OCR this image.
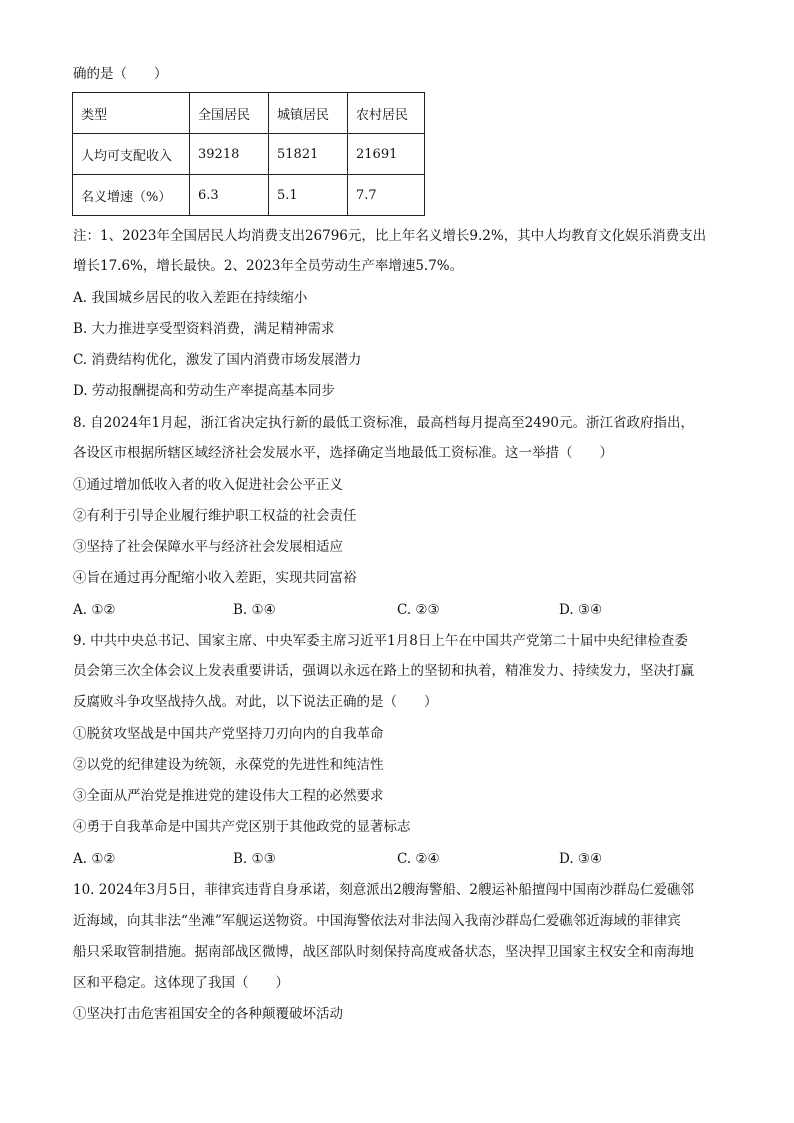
确的是（　　）
类型	全国居民	城镇居民	农村居民
人均可支配收入	39218	51821	21691
名义增速（%）	6.3	5.1	7.7
注：1、2023年全国居民人均消费支出26796元，比上年名义增长9.2%，其中人均教育文化娱乐消费支出
增长17.6%，增长最快。2、2023年全员劳动生产率增速5.7%。
A. 我国城乡居民的收入差距在持续缩小
B. 大力推进享受型资料消费，满足精神需求
C. 消费结构优化，激发了国内消费市场发展潜力
D. 劳动报酬提高和劳动生产率提高基本同步
8. 自2024年1月起，浙江省决定执行新的最低工资标准，最高档每月提高至2490元。浙江省政府指出，
各设区市根据所辖区域经济社会发展水平，选择确定当地最低工资标准。这一举措（　　）
①通过增加低收入者的收入促进社会公平正义
②有利于引导企业履行维护职工权益的社会责任
③坚持了社会保障水平与经济社会发展相适应
④旨在通过再分配缩小收入差距，实现共同富裕
A. ①②	B. ①④	C. ②③	D. ③④
9. 中共中央总书记、国家主席、中央军委主席习近平1月8日上午在中国共产党第二十届中央纪律检查委
员会第三次全体会议上发表重要讲话，强调以永远在路上的坚韧和执着，精准发力、持续发力，坚决打赢
反腐败斗争攻坚战持久战。对此，以下说法正确的是（　　）
①脱贫攻坚战是中国共产党坚持刀刃向内的自我革命
②以党的纪律建设为统领，永葆党的先进性和纯洁性
③全面从严治党是推进党的建设伟大工程的必然要求
④勇于自我革命是中国共产党区别于其他政党的显著标志
A. ①②	B. ①③	C. ②④	D. ③④
10. 2024年3月5日，菲律宾违背自身承诺，刻意派出2艘海警船、2艘运补船擅闯中国南沙群岛仁爱礁邻
近海域，向其非法“坐滩”军舰运送物资。中国海警依法对非法闯入我南沙群岛仁爱礁邻近海域的菲律宾
船只采取管制措施。据南部战区微博，战区部队时刻保持高度戒备状态，坚决捍卫国家主权安全和南海地
区和平稳定。这体现了我国（　　）
①坚决打击危害祖国安全的各种颠覆破坏活动
